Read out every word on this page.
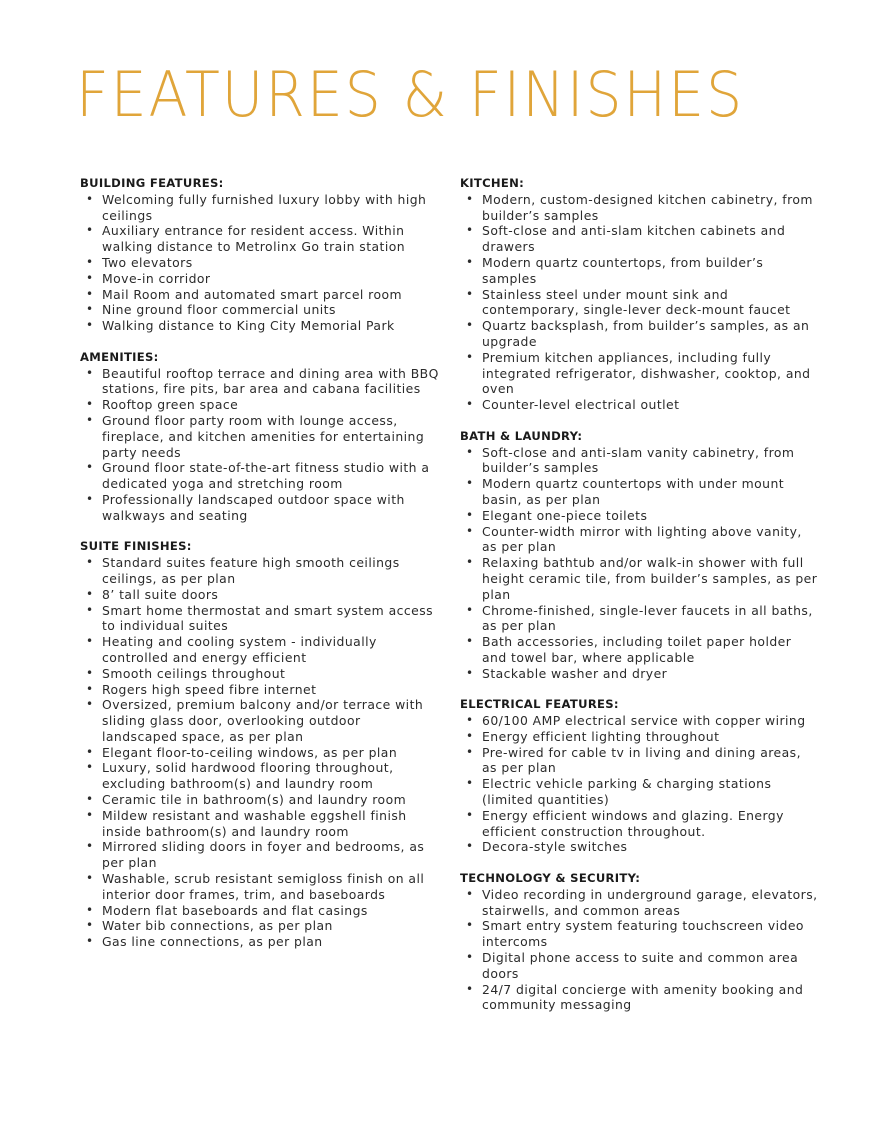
FEATURES & FINISHES
BUILDING FEATURES:
• Welcoming fully furnished luxury lobby with high ceilings
• Auxiliary entrance for resident access. Within walking distance to Metrolinx Go train station
• Two elevators
• Move-in corridor
• Mail Room and automated smart parcel room
• Nine ground floor commercial units
• Walking distance to King City Memorial Park
AMENITIES:
• Beautiful rooftop terrace and dining area with BBQ stations, fire pits, bar area and cabana facilities
• Rooftop green space
• Ground floor party room with lounge access, fireplace, and kitchen amenities for entertaining party needs
• Ground floor state-of-the-art fitness studio with a dedicated yoga and stretching room
• Professionally landscaped outdoor space with walkways and seating
SUITE FINISHES:
• Standard suites feature high smooth ceilings ceilings, as per plan
• 8’ tall suite doors
• Smart home thermostat and smart system access to individual suites
• Heating and cooling system - individually controlled and energy efficient
• Smooth ceilings throughout
• Rogers high speed fibre internet
• Oversized, premium balcony and/or terrace with sliding glass door, overlooking outdoor landscaped space, as per plan
• Elegant floor-to-ceiling windows, as per plan
• Luxury, solid hardwood flooring throughout, excluding bathroom(s) and laundry room
• Ceramic tile in bathroom(s) and laundry room
• Mildew resistant and washable eggshell finish inside bathroom(s) and laundry room
• Mirrored sliding doors in foyer and bedrooms, as per plan
• Washable, scrub resistant semigloss finish on all interior door frames, trim, and baseboards
• Modern flat baseboards and flat casings
• Water bib connections, as per plan
• Gas line connections, as per plan
KITCHEN:
• Modern, custom-designed kitchen cabinetry, from builder’s samples
• Soft-close and anti-slam kitchen cabinets and drawers
• Modern quartz countertops, from builder’s samples
• Stainless steel under mount sink and contemporary, single-lever deck-mount faucet
• Quartz backsplash, from builder’s samples, as an upgrade
• Premium kitchen appliances, including fully integrated refrigerator, dishwasher, cooktop, and oven
• Counter-level electrical outlet
BATH & LAUNDRY:
• Soft-close and anti-slam vanity cabinetry, from builder’s samples
• Modern quartz countertops with under mount basin, as per plan
• Elegant one-piece toilets
• Counter-width mirror with lighting above vanity, as per plan
• Relaxing bathtub and/or walk-in shower with full height ceramic tile, from builder’s samples, as per plan
• Chrome-finished, single-lever faucets in all baths, as per plan
• Bath accessories, including toilet paper holder and towel bar, where applicable
• Stackable washer and dryer
ELECTRICAL FEATURES:
• 60/100 AMP electrical service with copper wiring
• Energy efficient lighting throughout
• Pre-wired for cable tv in living and dining areas, as per plan
• Electric vehicle parking & charging stations (limited quantities)
• Energy efficient windows and glazing. Energy efficient construction throughout.
• Decora-style switches
TECHNOLOGY & SECURITY:
• Video recording in underground garage, elevators, stairwells, and common areas
• Smart entry system featuring touchscreen video intercoms
• Digital phone access to suite and common area doors
• 24/7 digital concierge with amenity booking and community messaging
